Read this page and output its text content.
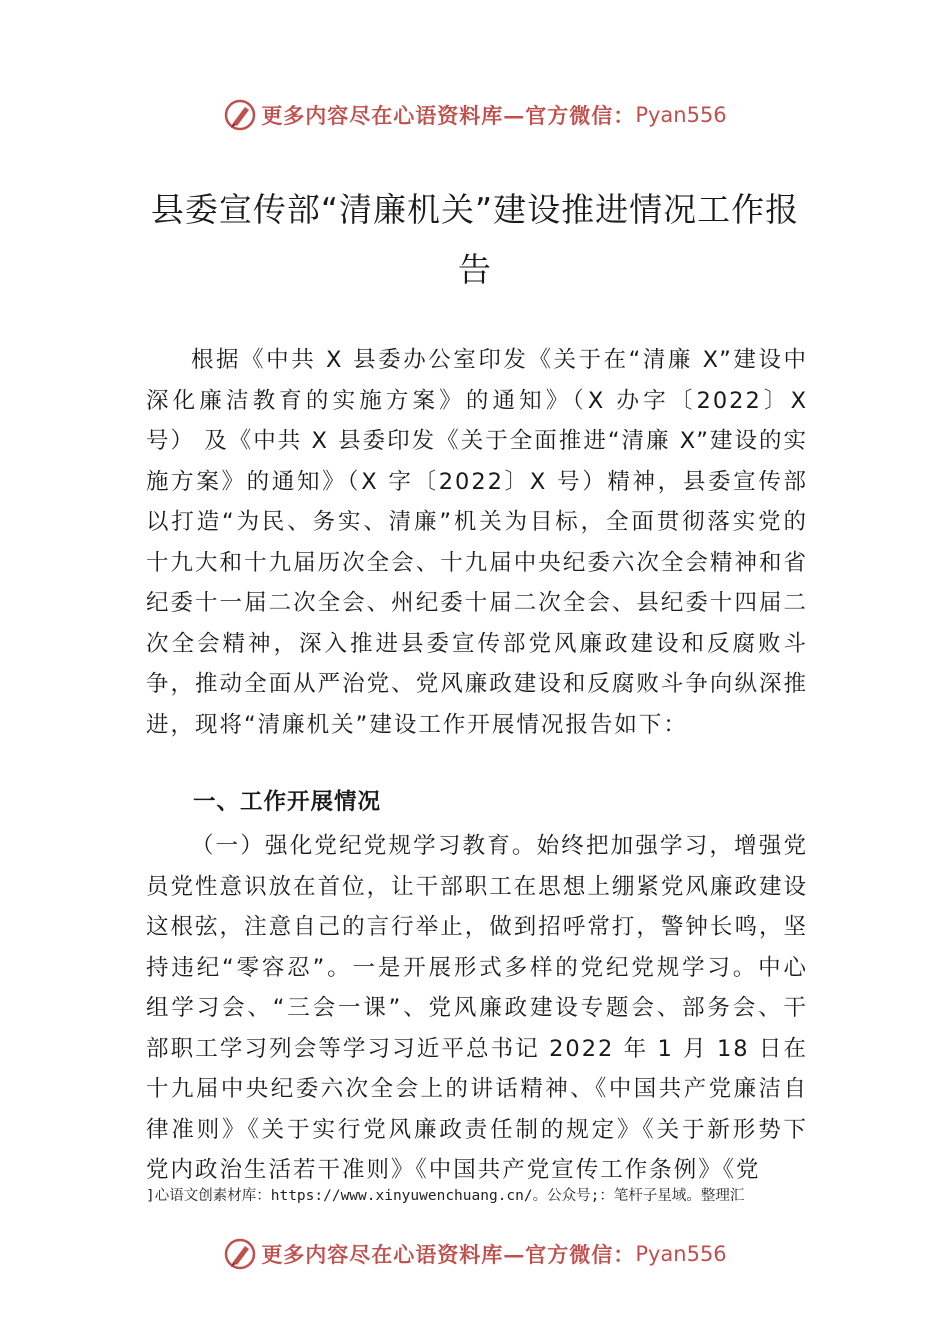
更多内容尽在心语资料库—官方微信： Pyan556
县委宣传部“清廉机关”建设推进情况工作报告
根据《中共 X 县委办公室印发《关于在“清廉 X”建设中深化廉洁教育的实施方案》的通知》（X 办字〔2022〕X 号） 及《中共 X 县委印发《关于全面推进“清廉 X”建设的实施方案》的通知》（X 字〔2022〕X 号）精神，县委宣传部以打造“为民、务实、清廉”机关为目标，全面贯彻落实党的十九大和十九届历次全会、十九届中央纪委六次全会精神和省纪委十一届二次全会、州纪委十届二次全会、县纪委十四届二次全会精神，深入推进县委宣传部党风廉政建设和反腐败斗争，推动全面从严治党、党风廉政建设和反腐败斗争向纵深推进，现将“清廉机关”建设工作开展情况报告如下：
一、工作开展情况
（一）强化党纪党规学习教育。始终把加强学习，增强党员党性意识放在首位，让干部职工在思想上绷紧党风廉政建设这根弦，注意自己的言行举止，做到招呼常打，警钟长鸣，坚持违纪“零容忍”。一是开展形式多样的党纪党规学习。中心组学习会、“三会一课”、党风廉政建设专题会、部务会、干部职工学习列会等学习习近平总书记 2022 年 1 月 18 日在十九届中央纪委六次全会上的讲话精神、《中国共产党廉洁自律准则》《关于实行党风廉政责任制的规定》《关于新形势下党内政治生活若干准则》《中国共产党宣传工作条例》《党
]心语文创素材库：https://www.xinyuwenchuang.cn/。公众号;：笔杆子星域。整理汇
更多内容尽在心语资料库—官方微信： Pyan556
